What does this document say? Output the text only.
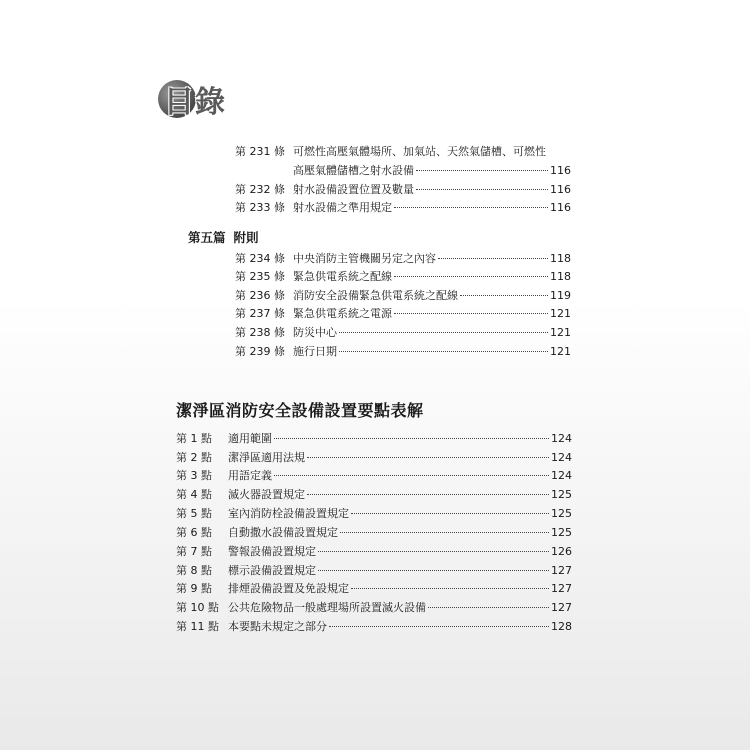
目錄
第 231 條 可燃性高壓氣體場所、加氣站、天然氣儲槽、可燃性
高壓氣體儲槽之射水設備	116
第 232 條 射水設備設置位置及數量	116
第 233 條 射水設備之準用規定	116
第五篇 附則
第 234 條 中央消防主管機關另定之內容	118
第 235 條 緊急供電系統之配線	118
第 236 條 消防安全設備緊急供電系統之配線	119
第 237 條 緊急供電系統之電源	121
第 238 條 防災中心	121
第 239 條 施行日期	121
潔淨區消防安全設備設置要點表解
第 1 點	適用範圍	124
第 2 點	潔淨區適用法規	124
第 3 點	用語定義	124
第 4 點	滅火器設置規定	125
第 5 點	室內消防栓設備設置規定	125
第 6 點	自動撒水設備設置規定	125
第 7 點	警報設備設置規定	126
第 8 點	標示設備設置規定	127
第 9 點	排煙設備設置及免設規定	127
第 10 點 公共危險物品一般處理場所設置滅火設備	127
第 11 點 本要點未規定之部分	128
